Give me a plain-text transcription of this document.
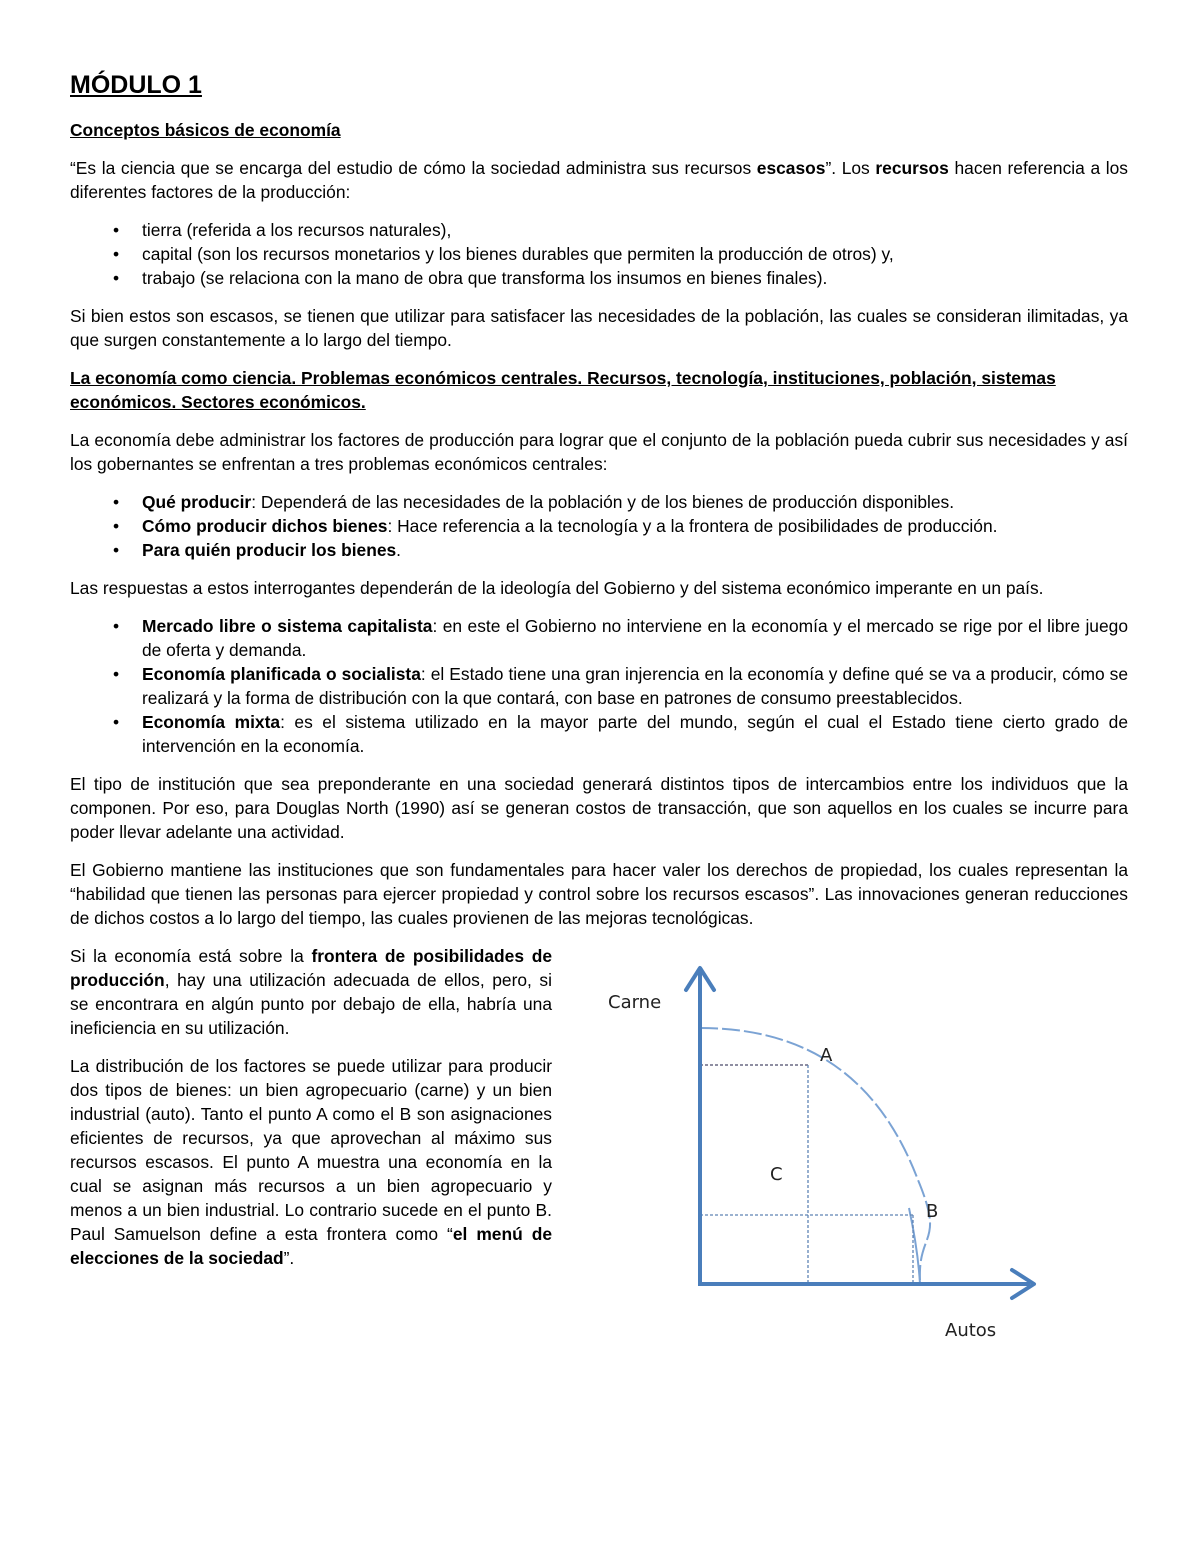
MÓDULO 1
Conceptos básicos de economía

“Es la ciencia que se encarga del estudio de cómo la sociedad administra sus recursos escasos”. Los recursos hacen referencia a los diferentes factores de la producción:

•	tierra (referida a los recursos naturales),
•	capital (son los recursos monetarios y los bienes durables que permiten la producción de otros) y,
•	trabajo (se relaciona con la mano de obra que transforma los insumos en bienes finales).

Si bien estos son escasos, se tienen que utilizar para satisfacer las necesidades de la población, las cuales se consideran ilimitadas, ya que surgen constantemente a lo largo del tiempo.

La economía como ciencia. Problemas económicos centrales. Recursos, tecnología, instituciones, población, sistemas económicos. Sectores económicos.

La economía debe administrar los factores de producción para lograr que el conjunto de la población pueda cubrir sus necesidades y así los gobernantes se enfrentan a tres problemas económicos centrales:

•	Qué producir: Dependerá de las necesidades de la población y de los bienes de producción disponibles.
•	Cómo producir dichos bienes: Hace referencia a la tecnología y a la frontera de posibilidades de producción.
•	Para quién producir los bienes.

Las respuestas a estos interrogantes dependerán de la ideología del Gobierno y del sistema económico imperante en un país.

•	Mercado libre o sistema capitalista: en este el Gobierno no interviene en la economía y el mercado se rige por el libre juego de oferta y demanda.
•	Economía planificada o socialista: el Estado tiene una gran injerencia en la economía y define qué se va a producir, cómo se realizará y la forma de distribución con la que contará, con base en patrones de consumo preestablecidos.
•	Economía mixta: es el sistema utilizado en la mayor parte del mundo, según el cual el Estado tiene cierto grado de intervención en la economía.

El tipo de institución que sea preponderante en una sociedad generará distintos tipos de intercambios entre los individuos que la componen. Por eso, para Douglas North (1990) así se generan costos de transacción, que son aquellos en los cuales se incurre para poder llevar adelante una actividad.

El Gobierno mantiene las instituciones que son fundamentales para hacer valer los derechos de propiedad, los cuales representan la “habilidad que tienen las personas para ejercer propiedad y control sobre los recursos escasos”. Las innovaciones generan reducciones de dichos costos a lo largo del tiempo, las cuales provienen de las mejoras tecnológicas.

Si la economía está sobre la frontera de posibilidades de producción, hay una utilización adecuada de ellos, pero, si se encontrara en algún punto por debajo de ella, habría una ineficiencia en su utilización.

La distribución de los factores se puede utilizar para producir dos tipos de bienes: un bien agropecuario (carne) y un bien industrial (auto). Tanto el punto A como el B son asignaciones eficientes de recursos, ya que aprovechan al máximo sus recursos escasos. El punto A muestra una economía en la cual se asignan más recursos a un bien agropecuario y menos a un bien industrial. Lo contrario sucede en el punto B. Paul Samuelson define a esta frontera como “el menú de elecciones de la sociedad”.

Carne
Autos
A
B
C
